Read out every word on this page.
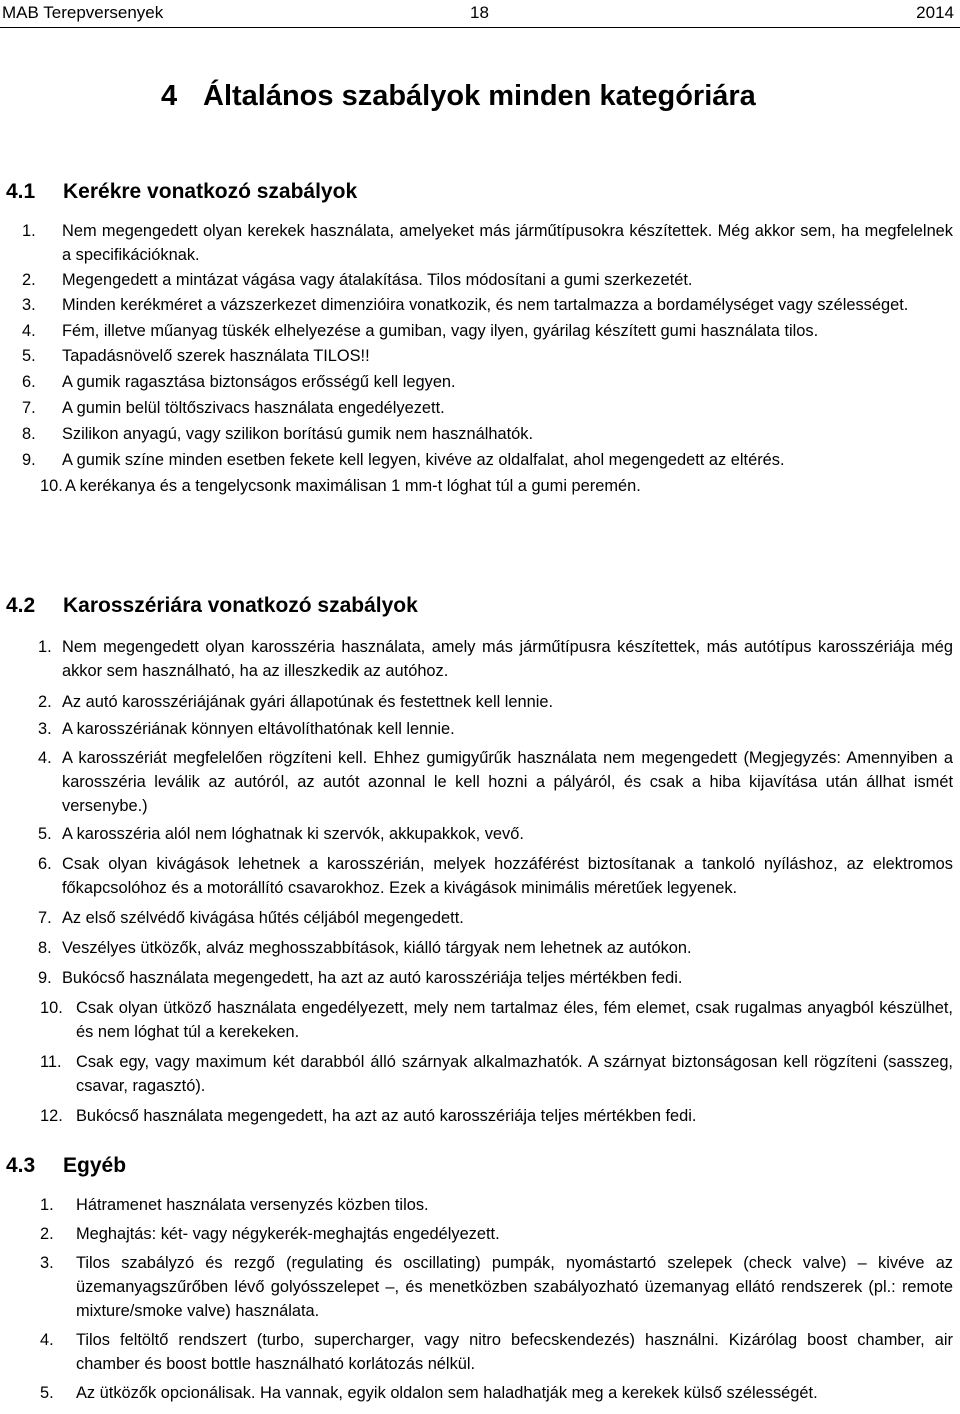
MAB Terepversenyek	18	2014
4 Általános szabályok minden kategóriára
4.1 Kerékre vonatkozó szabályok
1. Nem megengedett olyan kerekek használata, amelyeket más járműtípusokra készítettek. Még akkor sem, ha megfelelnek a specifikációknak.
2. Megengedett a mintázat vágása vagy átalakítása. Tilos módosítani a gumi szerkezetét.
3. Minden kerékméret a vázszerkezet dimenzióira vonatkozik, és nem tartalmazza a bordamélységet vagy szélességet.
4. Fém, illetve műanyag tüskék elhelyezése a gumiban, vagy ilyen, gyárilag készített gumi használata tilos.
5. Tapadásnövelő szerek használata TILOS!!
6. A gumik ragasztása biztonságos erősségű kell legyen.
7. A gumin belül töltőszivacs használata engedélyezett.
8. Szilikon anyagú, vagy szilikon borítású gumik nem használhatók.
9. A gumik színe minden esetben fekete kell legyen, kivéve az oldalfalat, ahol megengedett az eltérés.
10. A kerékanya és a tengelycsonk maximálisan 1 mm-t lóghat túl a gumi peremén.
4.2 Karosszériára vonatkozó szabályok
1. Nem megengedett olyan karosszéria használata, amely más járműtípusra készítettek, más autótípus karosszériája még akkor sem használható, ha az illeszkedik az autóhoz.
2. Az autó karosszériájának gyári állapotúnak és festettnek kell lennie.
3. A karosszériának könnyen eltávolíthatónak kell lennie.
4. A karosszériát megfelelően rögzíteni kell. Ehhez gumigyűrűk használata nem megengedett (Megjegyzés: Amennyiben a karosszéria leválik az autóról, az autót azonnal le kell hozni a pályáról, és csak a hiba kijavítása után állhat ismét versenybe.)
5. A karosszéria alól nem lóghatnak ki szervók, akkupakkok, vevő.
6. Csak olyan kivágások lehetnek a karosszérián, melyek hozzáférést biztosítanak a tankoló nyíláshoz, az elektromos főkapcsolóhoz és a motorállító csavarokhoz. Ezek a kivágások minimális méretűek legyenek.
7. Az első szélvédő kivágása hűtés céljából megengedett.
8. Veszélyes ütközők, alváz meghosszabbítások, kiálló tárgyak nem lehetnek az autókon.
9. Bukócső használata megengedett, ha azt az autó karosszériája teljes mértékben fedi.
10. Csak olyan ütköző használata engedélyezett, mely nem tartalmaz éles, fém elemet, csak rugalmas anyagból készülhet, és nem lóghat túl a kerekeken.
11. Csak egy, vagy maximum két darabból álló szárnyak alkalmazhatók. A szárnyat biztonságosan kell rögzíteni (sasszeg, csavar, ragasztó).
12. Bukócső használata megengedett, ha azt az autó karosszériája teljes mértékben fedi.
4.3 Egyéb
1.	Hátramenet használata versenyzés közben tilos.
2.	Meghajtás: két- vagy négykerék-meghajtás engedélyezett.
3.	Tilos szabályzó és rezgő (regulating és oscillating) pumpák, nyomástartó szelepek (check valve) – kivéve az üzemanyagszűrőben lévő golyósszelepet –, és menetközben szabályozható üzemanyag ellátó rendszerek (pl.: remote mixture/smoke valve) használata.
4.	Tilos feltöltő rendszert (turbo, supercharger, vagy nitro befecskendezés) használni. Kizárólag boost chamber, air chamber és boost bottle használható korlátozás nélkül.
5.	Az ütközők opcionálisak. Ha vannak, egyik oldalon sem haladhatják meg a kerekek külső szélességét.
